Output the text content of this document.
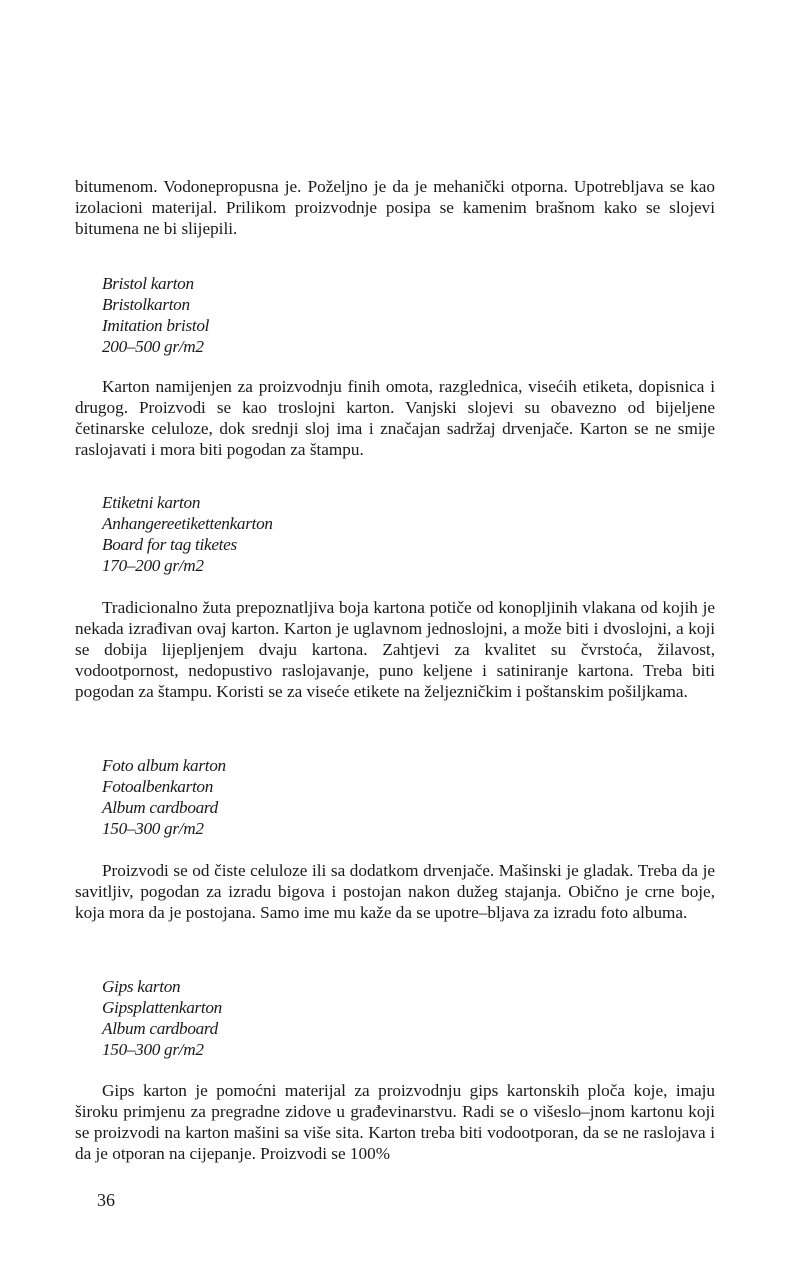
bitumenom. Vodonepropusna je. Poželjno je da je mehanički otporna. Upotrebljava se kao izolacioni materijal. Prilikom proizvodnje posipa se kamenim brašnom kako se slojevi bitumena ne bi slijepili.

Bristol karton
Bristolkarton
Imitation bristol
200–500 gr/m2

Karton namijenjen za proizvodnju finih omota, razglednica, visećih etiketa, dopisnica i drugog. Proizvodi se kao troslojni karton. Vanjski slojevi su obavezno od bijeljene četinarske celuloze, dok srednji sloj ima i značajan sadržaj drvenjače. Karton se ne smije raslojavati i mora biti pogodan za štampu.

Etiketni karton
Anhangereetikettenkarton
Board for tag tiketes
170–200 gr/m2

Tradicionalno žuta prepoznatljiva boja kartona potiče od konopljinih vlakana od kojih je nekada izrađivan ovaj karton. Karton je uglavnom jednoslojni, a može biti i dvoslojni, a koji se dobija lijepljenjem dvaju kartona. Zahtjevi za kvalitet su čvrstoća, žilavost, vodootpornost, nedopustivo raslojavanje, puno keljene i satiniranje kartona. Treba biti pogodan za štampu. Koristi se za viseće etikete na željezničkim i poštanskim pošiljkama.

Foto album karton
Fotoalbenkarton
Album cardboard
150–300 gr/m2

Proizvodi se od čiste celuloze ili sa dodatkom drvenjače. Mašinski je gladak. Treba da je savitljiv, pogodan za izradu bigova i postojan nakon dužeg stajanja. Obično je crne boje, koja mora da je postojana. Samo ime mu kaže da se upotre–bljava za izradu foto albuma.

Gips karton
Gipsplattenkarton
Album cardboard
150–300 gr/m2

Gips karton je pomoćni materijal za proizvodnju gips kartonskih ploča koje, imaju široku primjenu za pregradne zidove u građevinarstvu. Radi se o višeslo–jnom kartonu koji se proizvodi na karton mašini sa više sita. Karton treba biti vodootporan, da se ne raslojava i da je otporan na cijepanje. Proizvodi se 100%

36
